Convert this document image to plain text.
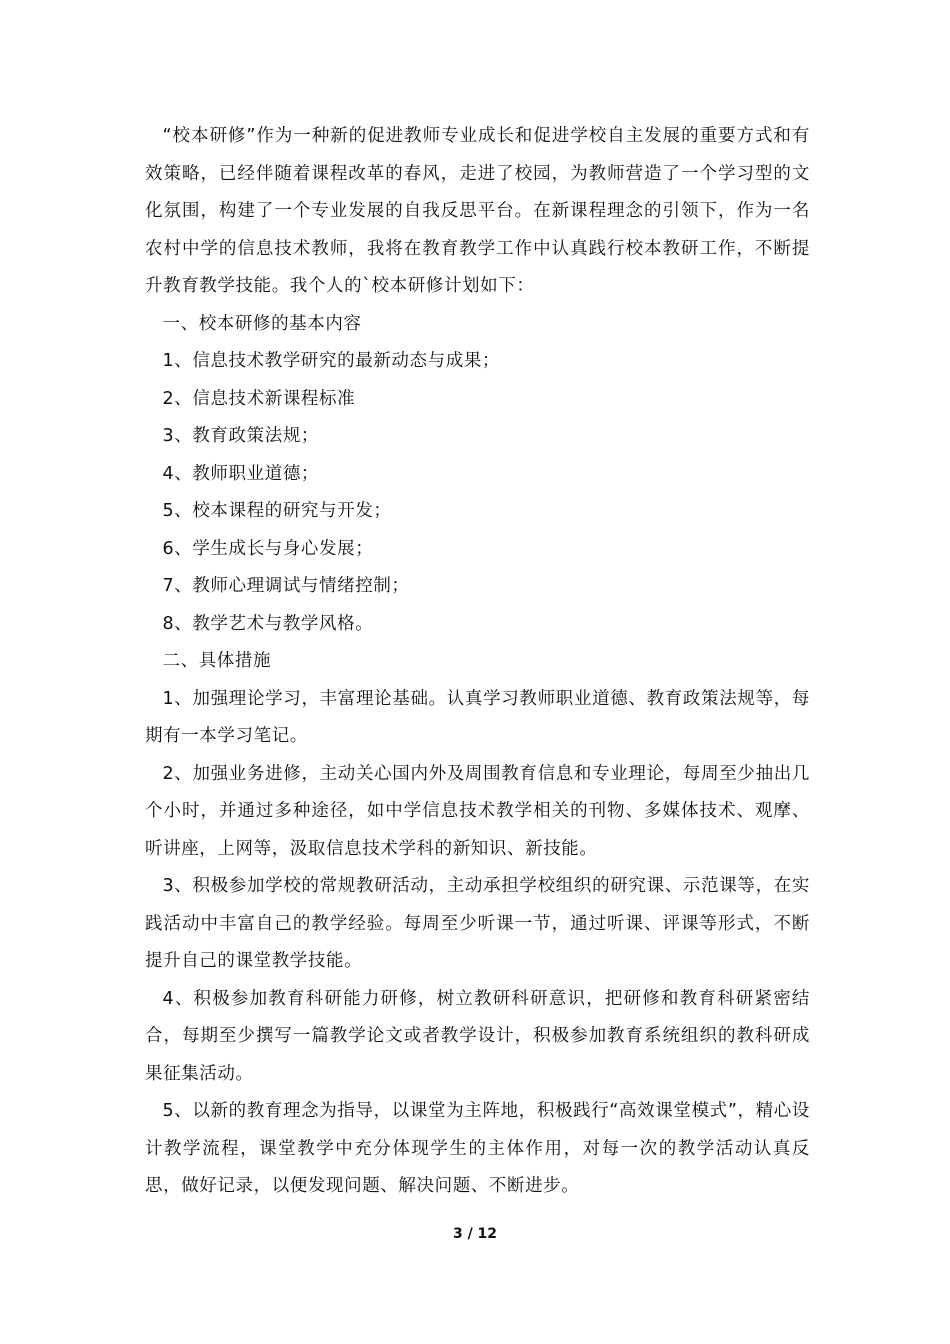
“校本研修”作为一种新的促进教师专业成长和促进学校自主发展的重要方式和有效策略，已经伴随着课程改革的春风，走进了校园，为教师营造了一个学习型的文化氛围，构建了一个专业发展的自我反思平台。在新课程理念的引领下，作为一名农村中学的信息技术教师，我将在教育教学工作中认真践行校本教研工作，不断提升教育教学技能。我个人的`校本研修计划如下：

一、校本研修的基本内容

1、信息技术教学研究的最新动态与成果；

2、信息技术新课程标准

3、教育政策法规；

4、教师职业道德；

5、校本课程的研究与开发；

6、学生成长与身心发展；

7、教师心理调试与情绪控制；

8、教学艺术与教学风格。

二、具体措施

1、加强理论学习，丰富理论基础。认真学习教师职业道德、教育政策法规等，每期有一本学习笔记。

2、加强业务进修，主动关心国内外及周围教育信息和专业理论，每周至少抽出几个小时，并通过多种途径，如中学信息技术教学相关的刊物、多媒体技术、观摩、听讲座，上网等，汲取信息技术学科的新知识、新技能。

3、积极参加学校的常规教研活动，主动承担学校组织的研究课、示范课等，在实践活动中丰富自己的教学经验。每周至少听课一节，通过听课、评课等形式，不断提升自己的课堂教学技能。

4、积极参加教育科研能力研修，树立教研科研意识，把研修和教育科研紧密结合，每期至少撰写一篇教学论文或者教学设计，积极参加教育系统组织的教科研成果征集活动。

5、以新的教育理念为指导，以课堂为主阵地，积极践行“高效课堂模式”，精心设计教学流程，课堂教学中充分体现学生的主体作用，对每一次的教学活动认真反思，做好记录，以便发现问题、解决问题、不断进步。

3 / 12
